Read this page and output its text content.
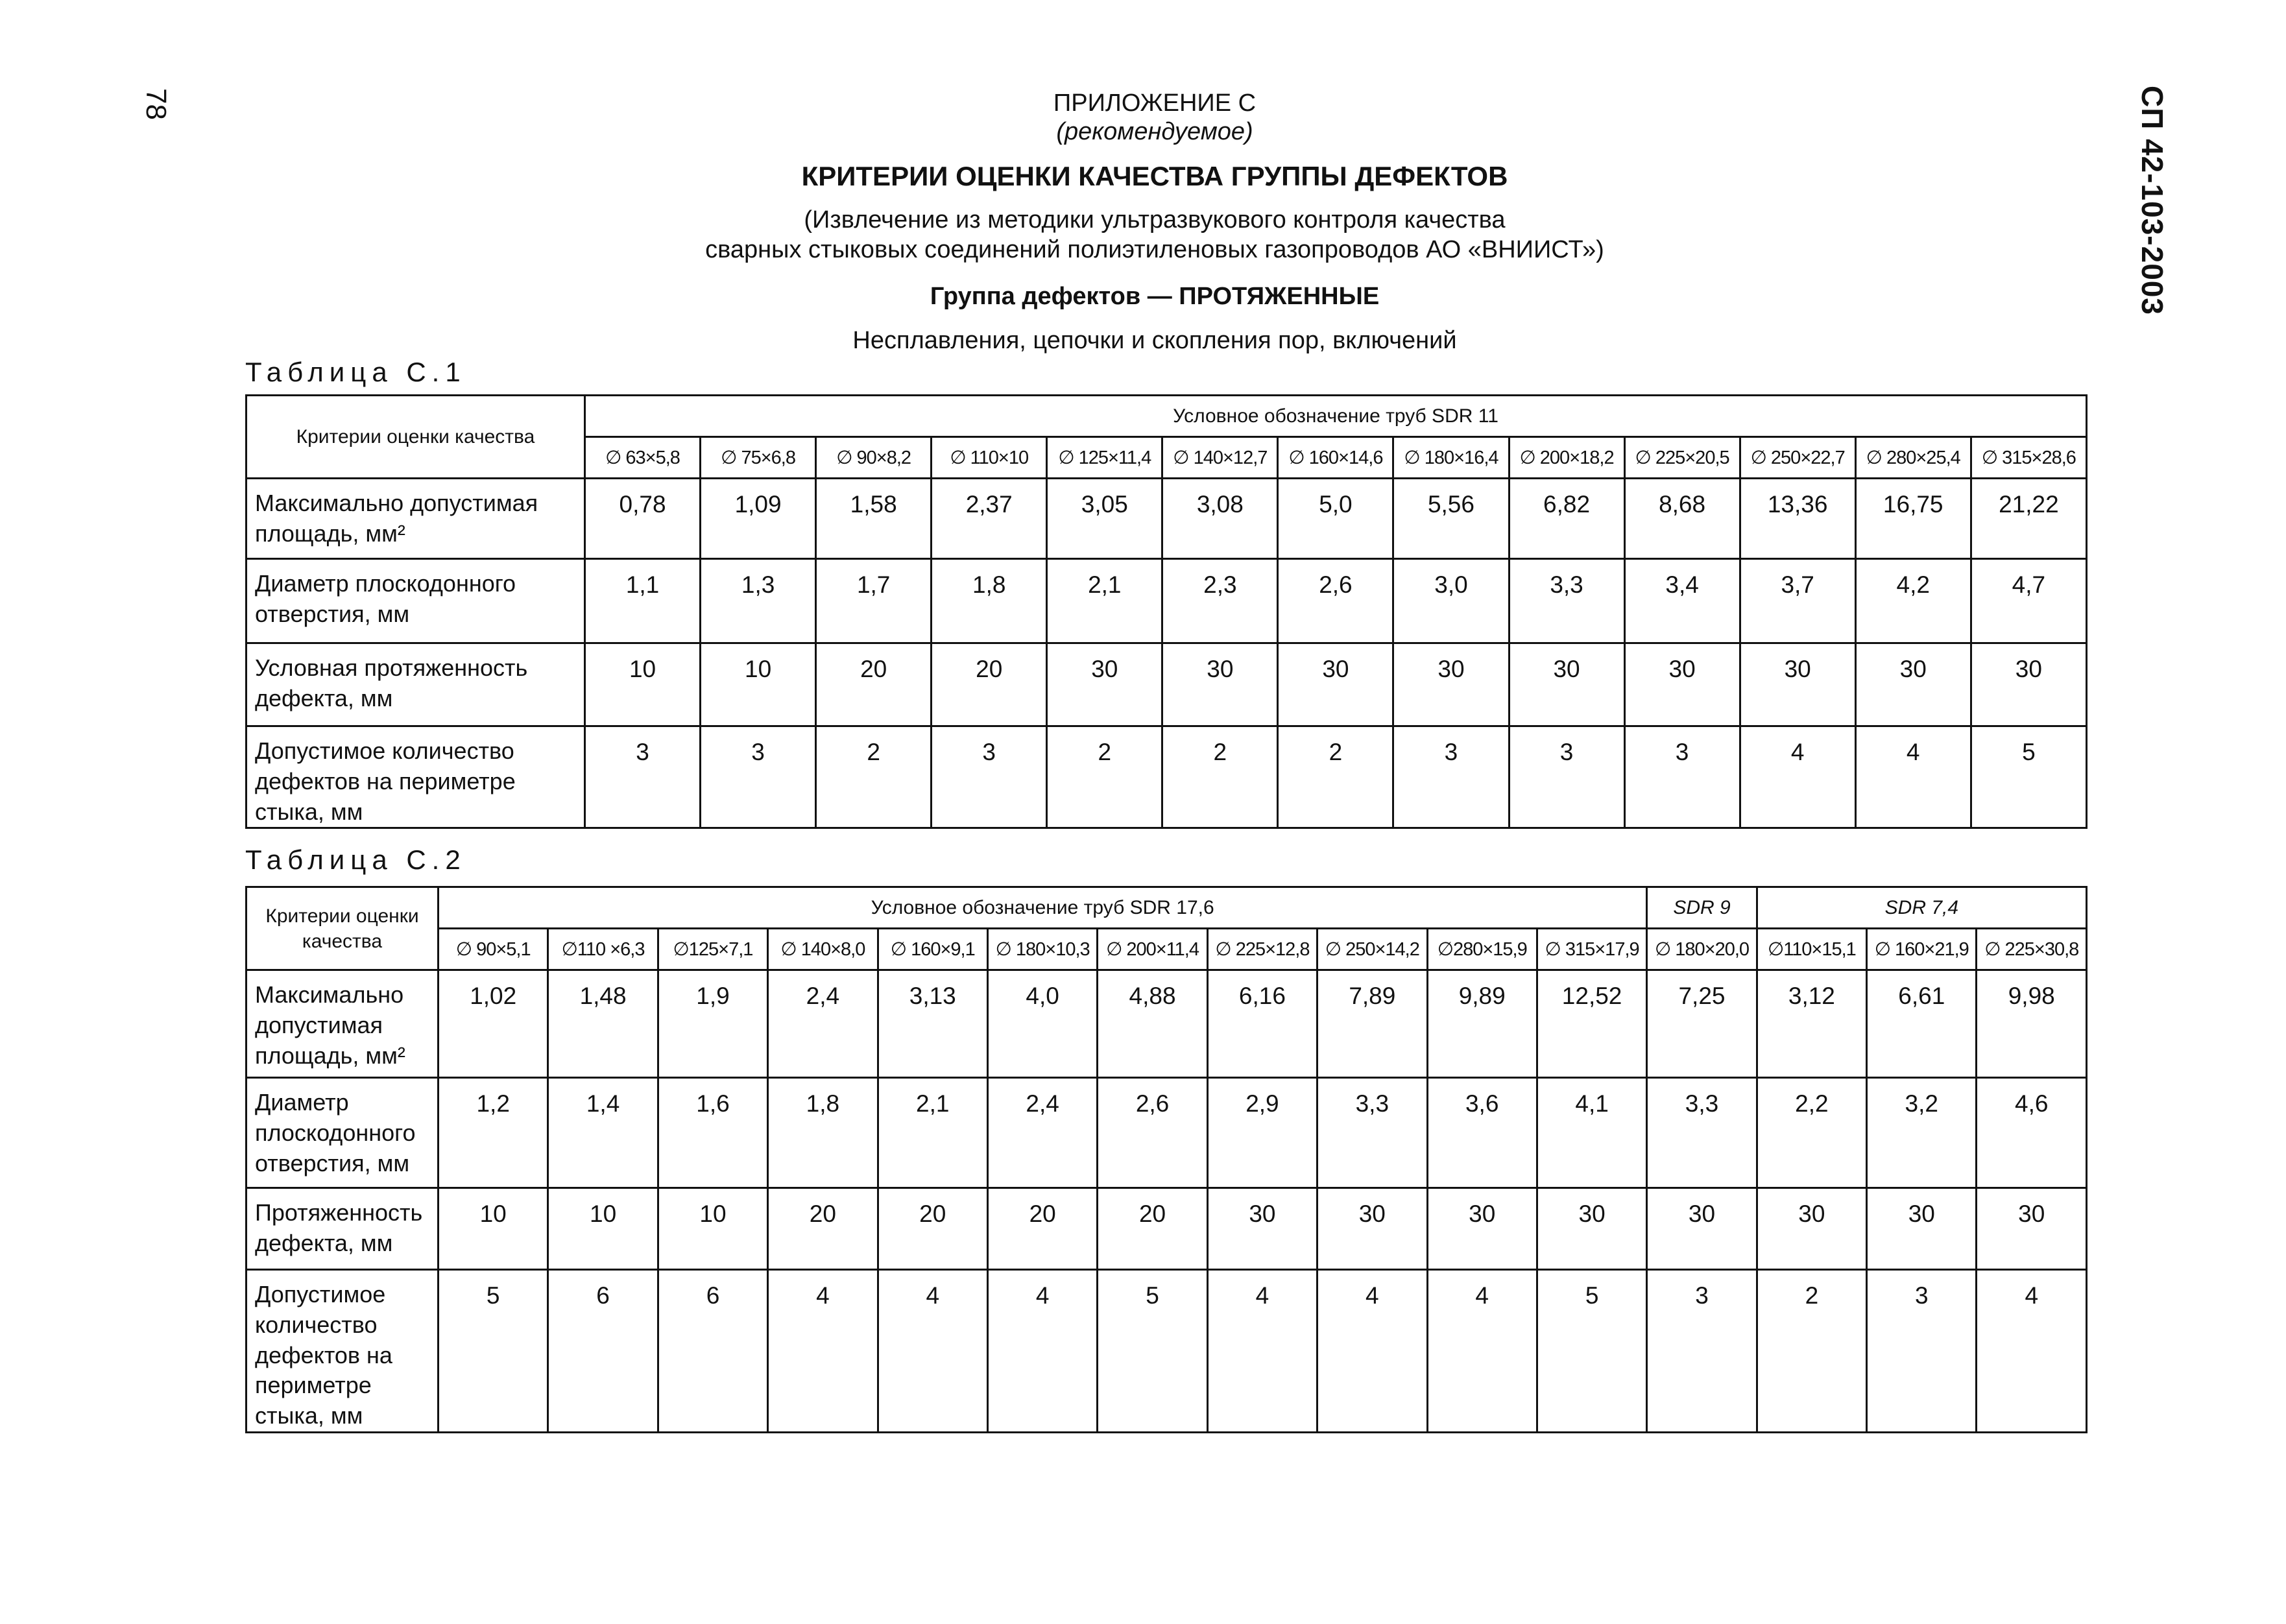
78	СП 42-103-2003
ПРИЛОЖЕНИЕ С
(рекомендуемое)
КРИТЕРИИ ОЦЕНКИ КАЧЕСТВА ГРУППЫ ДЕФЕКТОВ
(Извлечение из методики ультразвукового контроля качества
сварных стыковых соединений полиэтиленовых газопроводов АО «ВНИИСТ»)
Группа дефектов — ПРОТЯЖЕННЫЕ
Несплавления, цепочки и скопления пор, включений
Таблица С.1
Критерии оценки качества	Условное обозначение труб SDR 11												
	∅ 63×5,8	∅ 75×6,8	∅ 90×8,2	∅ 110×10	∅ 125×11,4	∅ 140×12,7	∅ 160×14,6	∅ 180×16,4	∅ 200×18,2	∅ 225×20,5	∅ 250×22,7	∅ 280×25,4	∅ 315×28,6
Максимально допустимая площадь, мм²	0,78	1,09	1,58	2,37	3,05	3,08	5,0	5,56	6,82	8,68	13,36	16,75	21,22
Диаметр плоскодонного отверстия, мм	1,1	1,3	1,7	1,8	2,1	2,3	2,6	3,0	3,3	3,4	3,7	4,2	4,7
Условная протяженность дефекта, мм	10	10	20	20	30	30	30	30	30	30	30	30	30
Допустимое количество дефектов на периметре стыка, мм	3	3	2	3	2	2	2	3	3	3	4	4	5
Таблица С.2
Критерии оценки качества	Условное обозначение труб SDR 17,6											SDR 9	SDR 7,4		
	∅ 90×5,1	∅110 ×6,3	∅125×7,1	∅ 140×8,0	∅ 160×9,1	∅ 180×10,3	∅ 200×11,4	∅ 225×12,8	∅ 250×14,2	∅280×15,9	∅ 315×17,9	∅ 180×20,0	∅110×15,1	∅ 160×21,9	∅ 225×30,8
Максимально допустимая площадь, мм²	1,02	1,48	1,9	2,4	3,13	4,0	4,88	6,16	7,89	9,89	12,52	7,25	3,12	6,61	9,98
Диаметр плоскодонного отверстия, мм	1,2	1,4	1,6	1,8	2,1	2,4	2,6	2,9	3,3	3,6	4,1	3,3	2,2	3,2	4,6
Протяженность дефекта, мм	10	10	10	20	20	20	20	30	30	30	30	30	30	30	30
Допустимое количество дефектов на периметре стыка, мм	5	6	6	4	4	4	5	4	4	4	5	3	2	3	4
